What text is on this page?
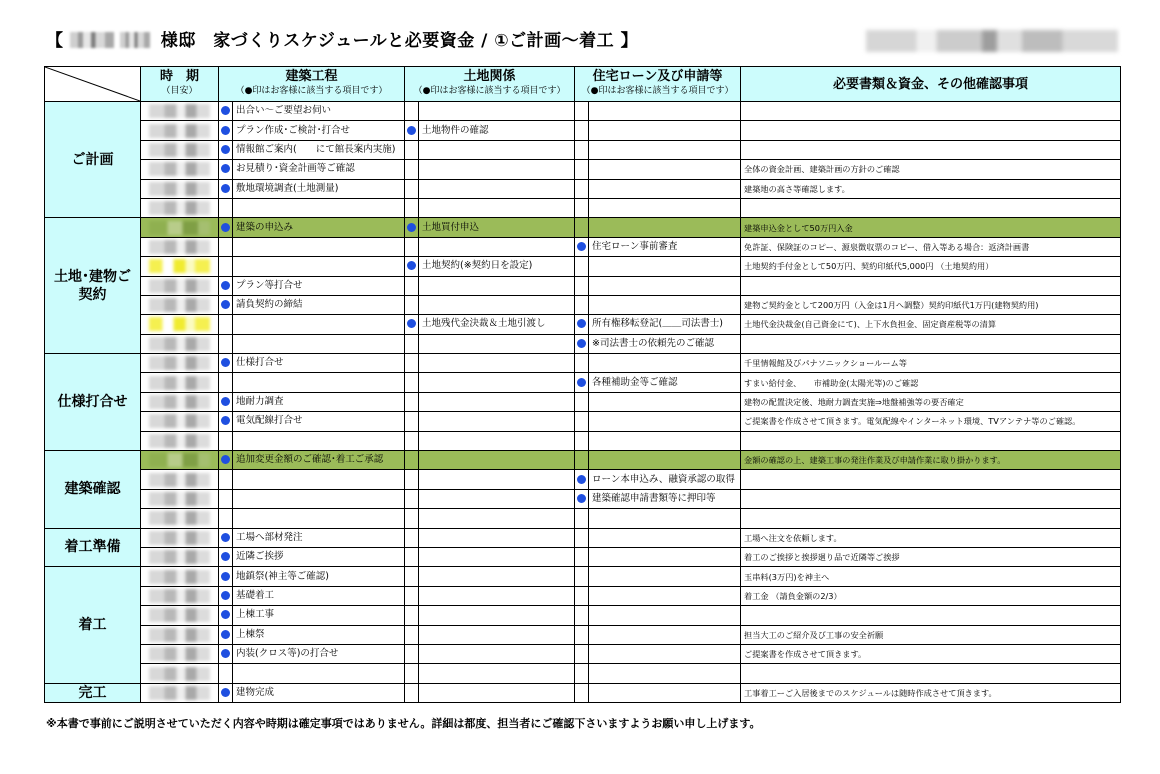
【	様邸　家づくりスケジュールと必要資金 / ①ご計画～着工 】
	時　期
（目安）	建築工程
（●印はお客様に該当する項目です）		土地関係
（●印はお客様に該当する項目です）		住宅ローン及び申請等
（●印はお客様に該当する項目です）		必要書類＆資金、その他確認事項
ご計画			出合い～ご要望お伺い					

			プラン作成･ご検討･打合せ		土地物件の確認			

			情報館ご案内(　　にて館長案内実施)					

			お見積り･資金計画等ご確認					全体の資金計画、建築計画の方針のご確認

			敷地環境調査(土地測量)					建築地の高さ等確認します。

土地･建物ご契約			建築の申込み		土地買付申込			建築申込金として50万円入金

							住宅ローン事前審査	免許証、保険証のコピー、源泉徴収票のコピー、借入等ある場合：返済計画書

					土地契約(※契約日を設定)			土地契約手付金として50万円、契約印紙代5,000円 （土地契約用）

			プラン等打合せ					

			請負契約の締結					建物ご契約金として200万円（入金は1月へ調整）契約印紙代1万円(建物契約用)

					土地残代金決裁＆土地引渡し		所有権移転登記(＿＿司法書士)	土地代金決裁金(自己資金にて)、上下水負担金、固定資産税等の清算

							※司法書士の依頼先のご確認	
仕様打合せ			仕様打合せ					千里情報館及びパナソニックショールーム等

							各種補助金等ご確認	すまい給付金、　　市補助金(太陽光等)のご確認

			地耐力調査					建物の配置決定後、地耐力調査実施⇒地盤補強等の要否確定

			電気配線打合せ					ご提案書を作成させて頂きます。電気配線やインターネット環境、TVアンテナ等のご確認。

建築確認			追加変更金額のご確認･着工ご承認					金額の確認の上、建築工事の発注作業及び申請作業に取り掛かります。

							ローン本申込み、融資承認の取得	

							建築確認申請書類等に押印等	

着工準備			工場へ部材発注					工場へ注文を依頼します。

			近隣ご挨拶					着工のご挨拶と挨拶廻り品で近隣等ご挨拶
着工			地鎮祭(神主等ご確認)					玉串料(3万円)を神主へ

			基礎着工					着工金 （請負金額の2/3）

			上棟工事					

			上棟祭					担当大工のご紹介及び工事の安全祈願

			内装(クロス等)の打合せ					ご提案書を作成させて頂きます。

完工			建物完成					工事着工ーご入居後までのスケジュールは随時作成させて頂きます。
※本書で事前にご説明させていただく内容や時期は確定事項ではありません。詳細は都度、担当者にご確認下さいますようお願い申し上げます。
